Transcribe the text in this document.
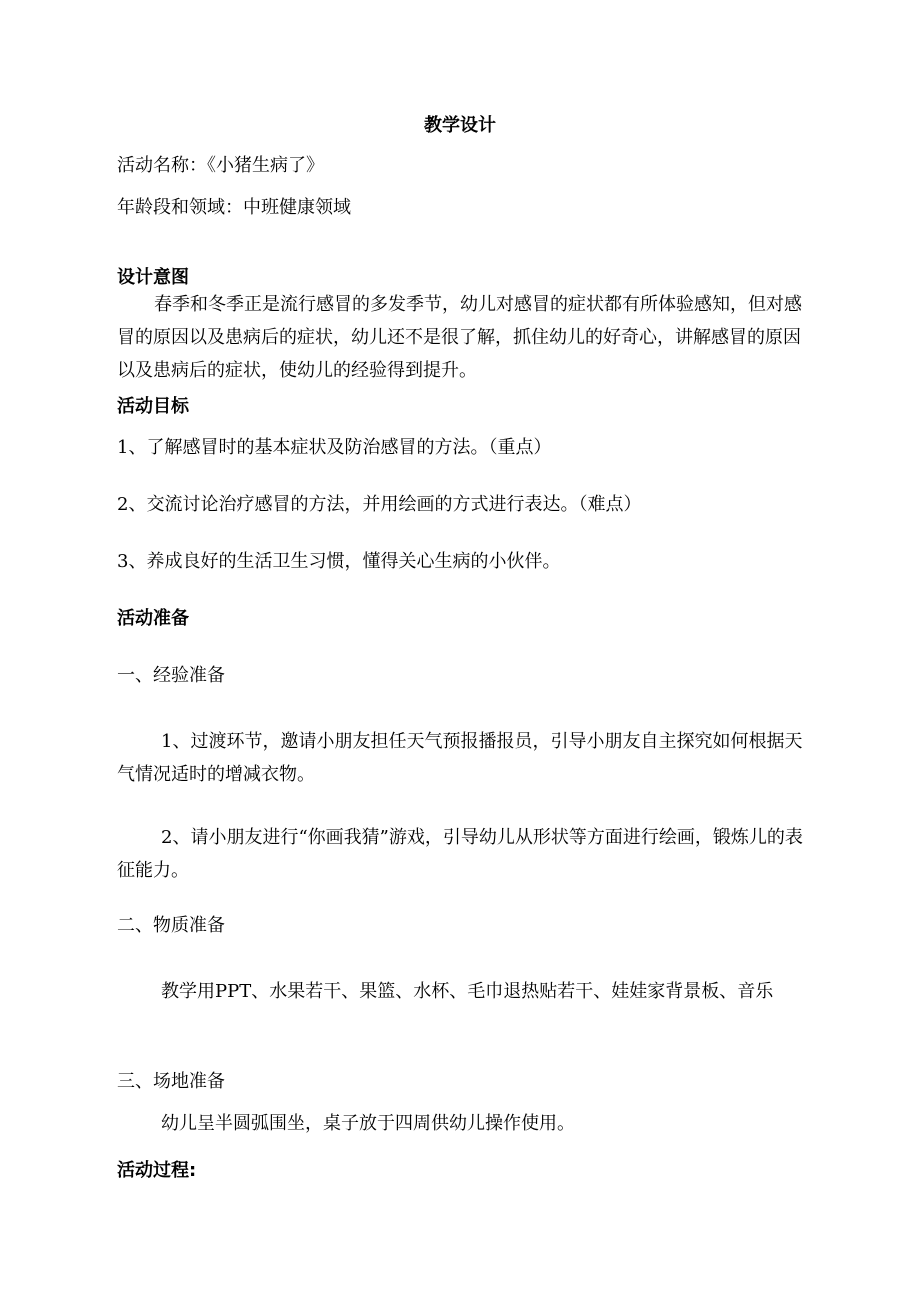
教学设计
活动名称：《小猪生病了》
年龄段和领域：中班健康领域
设计意图
春季和冬季正是流行感冒的多发季节，幼儿对感冒的症状都有所体验感知，但对感冒的原因以及患病后的症状，幼儿还不是很了解，抓住幼儿的好奇心，讲解感冒的原因以及患病后的症状，使幼儿的经验得到提升。
活动目标
1、了解感冒时的基本症状及防治感冒的方法。（重点）
2、交流讨论治疗感冒的方法，并用绘画的方式进行表达。（难点）
3、养成良好的生活卫生习惯，懂得关心生病的小伙伴。
活动准备
一、经验准备
1、过渡环节，邀请小朋友担任天气预报播报员，引导小朋友自主探究如何根据天气情况适时的增减衣物。
2、请小朋友进行“你画我猜”游戏，引导幼儿从形状等方面进行绘画，锻炼儿的表征能力。
二、物质准备
教学用PPT、水果若干、果篮、水杯、毛巾退热贴若干、娃娃家背景板、音乐
三、场地准备
幼儿呈半圆弧围坐，桌子放于四周供幼儿操作使用。
活动过程:
